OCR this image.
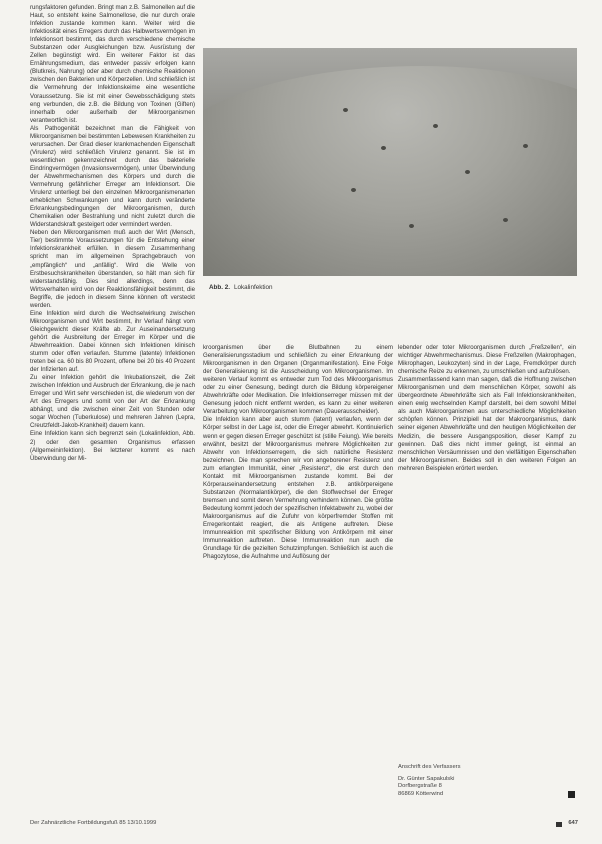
rungsfaktoren gefunden. Bringt man z.B. Salmonellen auf die Haut, so entsteht keine Salmonellose, die nur durch orale Infektion zustande kommen kann. Weiter wird die Infektiosität eines Erregers durch das Halbwertsvermögen im Infektionsort bestimmt, das durch verschiedene chemische Substanzen oder Ausgleichungen bzw. Ausrüstung der Zellen begünstigt wird. Ein weiterer Faktor ist das Ernährungsmedium, das entweder passiv erfolgen kann (Blutkreis, Nahrung) oder aber durch chemische Reaktionen zwischen den Bakterien und Körperzellen. Und schließlich ist die Vermehrung der Infektionskeime eine wesentliche Voraussetzung. Sie ist mit einer Gewebsschädigung stets eng verbunden, die z.B. die Bildung von Toxinen (Giften) innerhalb oder außerhalb der Mikroorganismen verantwortlich ist.

Als Pathogenität bezeichnet man die Fähigkeit von Mikroorganismen bei bestimmten Lebewesen Krankheiten zu verursachen. Der Grad dieser krankmachenden Eigenschaft (Virulenz) wird schließlich Virulenz genannt. Sie ist im wesentlichen gekennzeichnet durch das bakterielle Eindringvermögen (Invasionsvermögen), unter Überwindung der Abwehrmechanismen des Körpers und durch die Vermehrung gefährlicher Erreger am Infektionsort. Die Virulenz unterliegt bei den einzelnen Mikroorganismenarten erheblichen Schwankungen und kann durch veränderte Erkrankungsbedingungen der Mikroorganismen, durch Chemikalien oder Bestrahlung und nicht zuletzt durch die Widerstandskraft gesteigert oder vermindert werden.

Neben den Mikroorganismen muß auch der Wirt (Mensch, Tier) bestimmte Voraussetzungen für die Entstehung einer Infektionskrankheit erfüllen. In diesem Zusammenhang spricht man im allgemeinen Sprachgebrauch von „empfänglich“ und „anfällig“. Wird die Welle von Erstbesuchskrankheiten überstanden, so hält man sich für widerstandsfähig. Dies sind allerdings, denn das Wirtsverhalten wird von der Reaktionsfähigkeit bestimmt, die Begriffe, die jedoch in diesem Sinne können oft versteckt werden.

Eine Infektion wird durch die Wechselwirkung zwischen Mikroorganismen und Wirt bestimmt, ihr Verlauf hängt vom Gleichgewicht dieser Kräfte ab. Zur Auseinandersetzung gehört die Ausbreitung der Erreger im Körper und die Abwehrreaktion. Dabei können sich Infektionen klinisch stumm oder offen verlaufen. Stumme (latente) Infektionen treten bei ca. 60 bis 80 Prozent, offene bei 20 bis 40 Prozent der Infizierten auf.

Zu einer Infektion gehört die Inkubationszeit, die Zeit zwischen Infektion und Ausbruch der Erkrankung, die je nach Erreger und Wirt sehr verschieden ist, die wiederum von der Art des Erregers und somit von der Art der Erkrankung abhängt, und die zwischen einer Zeit von Stunden oder sogar Wochen (Tuberkulose) und mehreren Jahren (Lepra, Creutzfeldt-Jakob-Krankheit) dauern kann.

Eine Infektion kann sich begrenzt sein (Lokalinfektion, Abb. 2) oder den gesamten Organismus erfassen (Allgemeininfektion). Bei letzterer kommt es nach Überwindung der Mi-

Abb. 2. Lokalinfektion

kroorganismen über die Blutbahnen zu einem Generalisierungsstadium und schließlich zu einer Erkrankung der Mikroorganismen in den Organen (Organmanifestation). Eine Folge der Generalisierung ist die Ausscheidung von Mikroorganismen. Im weiteren Verlauf kommt es entweder zum Tod des Mikroorganismus oder zu einer Genesung, bedingt durch die Bildung körpereigener Abwehrkräfte oder Medikation. Die Infektionserreger müssen mit der Genesung jedoch nicht entfernt werden, es kann zu einer weiteren Verarbeitung von Mikroorganismen kommen (Dauerausscheider).

Die Infektion kann aber auch stumm (latent) verlaufen, wenn der Körper selbst in der Lage ist, oder die Erreger abwehrt. Kontinuierlich wenn er gegen diesen Erreger geschützt ist (stille Feiung). Wie bereits erwähnt, besitzt der Mikroorganismus mehrere Möglichkeiten zur Abwehr von Infektionserregern, die sich natürliche Resistenz bezeichnen. Die man sprechen wir von angeborener Resistenz und zum erlangten Immunität, einer „Resistenz“, die erst durch den Kontakt mit Mikroorganismen zustande kommt. Bei der Körperauseinandersetzung entstehen z.B. antikörpereigene Substanzen (Normalantikörper), die den Stoffwechsel der Erreger bremsen und somit deren Vermehrung verhindern können. Die größte Bedeutung kommt jedoch der spezifischen Infektabwehr zu, wobei der Makroorganismus auf die Zufuhr von körperfremder Stoffen mit Erregerkontakt reagiert, die als Antigene auftreten. Diese Immunreaktion mit spezifischer Bildung von Antikörpern mit einer Immunreaktion auftreten. Diese Immunreaktion nun auch die Grundlage für die gezielten Schutzimpfungen. Schließlich ist auch die Phagozytose, die Aufnahme und Auflösung der

lebender oder toter Mikroorganismen durch „Freßzellen“, ein wichtiger Abwehrmechanismus. Diese Freßzellen (Makrophagen, Mikrophagen, Leukozyten) sind in der Lage, Fremdkörper durch chemische Reize zu erkennen, zu umschließen und aufzulösen.

Zusammenfassend kann man sagen, daß die Hoffnung zwischen Mikroorganismen und dem menschlichen Körper, sowohl als übergeordnete Abwehrkräfte sich als Fall Infektionskrankheiten, einen ewig wechselnden Kampf darstellt, bei dem sowohl Mittel als auch Makroorganismen aus unterschiedliche Möglichkeiten schöpfen können. Prinzipiell hat der Makroorganismus, dank seiner eigenen Abwehrkräfte und den heutigen Möglichkeiten der Medizin, die bessere Ausgangsposition, dieser Kampf zu gewinnen. Daß dies nicht immer gelingt, ist einmal an menschlichen Versäumnissen und den vielfältigen Eigenschaften der Mikroorganismen. Beides soll in den weiteren Folgen an mehreren Beispielen erörtert werden.

Anschrift des Verfassers
Dr. Günter Sapakulski
Dorfbergstraße 8
86869 Kötterwind
Der Zahnärztliche Fortbildungsfuß 85 13/10.1999	647
